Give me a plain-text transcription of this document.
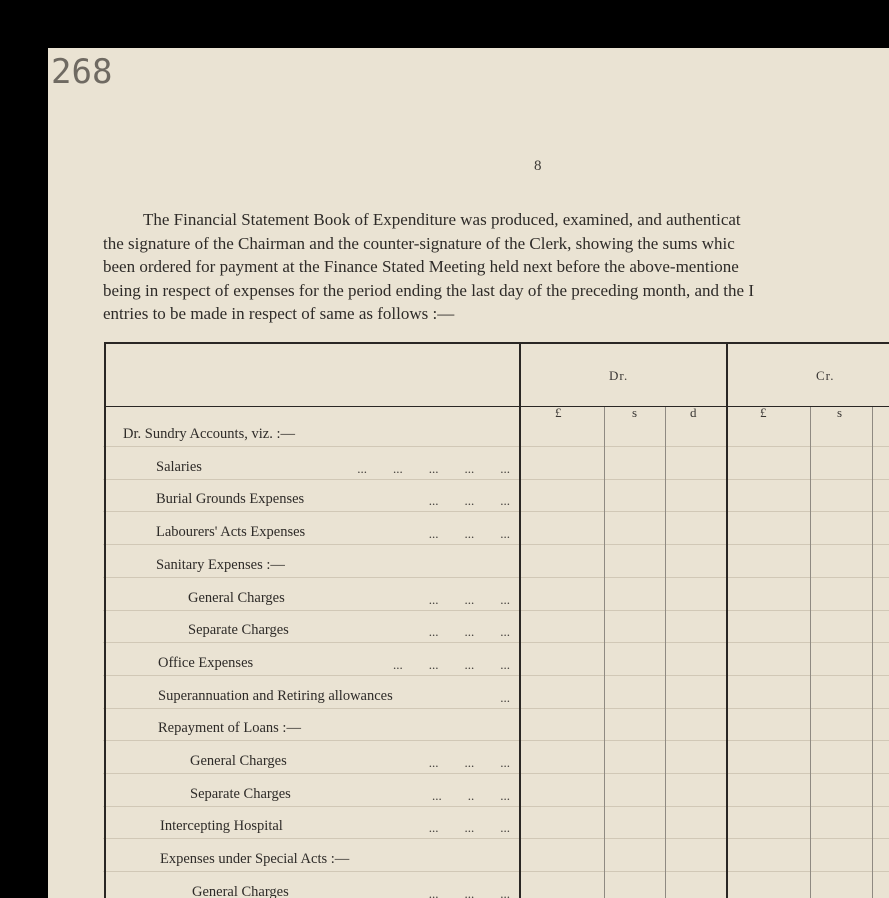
268
8
The Financial Statement Book of Expenditure was produced, examined, and authenticat
the signature of the Chairman and the counter-signature of the Clerk, showing the sums whic
been ordered for payment at the Finance Stated Meeting held next before the above-mentione
being in respect of expenses for the period ending the last day of the preceding month, and the I
entries to be made in respect of same as follows :—
Dr.	Cr.
£	s	d	£	s
Dr. Sundry Accounts, viz. :—
Salaries	...        ...        ...        ...        ...
Burial Grounds Expenses	...        ...        ...
Labourers' Acts Expenses	...        ...        ...
Sanitary Expenses :—
General Charges	...        ...        ...
Separate Charges	...        ...        ...
Office Expenses	...        ...        ...        ...
Superannuation and Retiring allowances	...
Repayment of Loans :—
General Charges	...        ...        ...
Separate Charges	...        ..        ...
Intercepting Hospital	...        ...        ...
Expenses under Special Acts :—
General Charges	...        ...        ...
